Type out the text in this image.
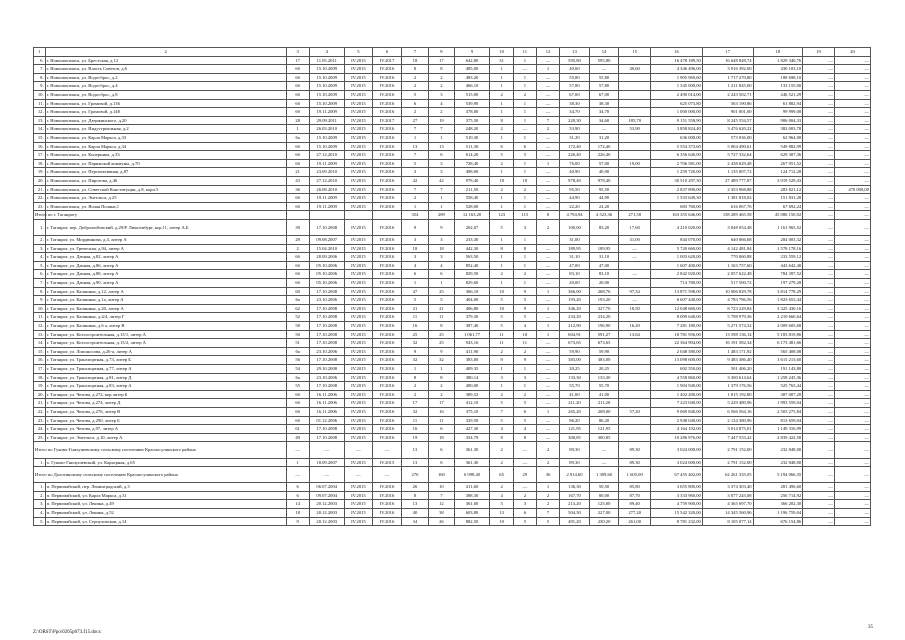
1	2	3	4	5	6	7	8	9	10	11	12	13	14	15	16	17	18	19	20
6.	г. Новошахтинск, ул. Брестская, д.12	17	11.05.2011	IV.2015	IV.2017	18	17	642,80	31	1	—	595,80	595,80		16 478 189,50	16 648 848,74	1 829 340,76	—	—
7.	г. Новошахтинск, ул. Власть Советов, д.6	6б	15.10.2009	IV.2015	IV.2016	8	8	485,00	1	—	1	40,60	—	40,60	4 346 496,00	3 916 392,00	430 103,10	—	—
8.	г. Новошахтинск, ул. Водосброс, д.2	6б	15.10.2009	IV.2015	IV.2016	2	2	483,20	1	1	—	55,80	55,80		1 905 969,60	1 717 270,80	188 698,10	—	—
9.	г. Новошахтинск, ул. Водосброс, д.4	6б	15.10.2009	IV.2015	IV.2016	2	2	466,10	1	1	—	57,80	57,80		1 345 000,00	1 211 845,00	133 155,00	—	—
10.	г. Новошахтинск, ул. Водосброс, д.8	6б	15.10.2009	IV.2015	IV.2016	5	3	515,00	2	2	—	67,00	67,00		2 490 014,00	2 243 502,71	246 521,29	—	—
11.	г. Новошахтинск, ул. Громовой, д.136	6б	15.10.2009	IV.2015	IV.2016	6	4	539,90	1	1	—	38,30	38,30		625 073,80	563 190,86	61 882,94	—	—
12.	г. Новошахтинск, ул. Громовой, д.148	6б	19.11.2009	IV.2015	IV.2016	2	2	378,00	1	1	—	34,70	34,70		1 000 000,00	901 001,00	99 999,00	—	—
13.	г. Новошахтинск, ул. Дзержинского, д.20	28	29.09.2011	IV.2015	IV.2017	27	19	375,50	8	1	7	220,30	34,60	185,70	9 151 558,90	8 245 554,57	906 004,33	—	—
14.	г. Новошахтинск, ул. Индустриальная, д.2	1	26.03.2010	IV.2015	IV.2016	7	7	248,20	2	—	2	53,90	—	53,90	3 858 824,40	3 476 620,22	382 003,78	—	—
15.	г. Новошахтинск, ул. Карла Маркса, д.33	6а	15.10.2009	IV.2015	IV.2016	1	1	510,30	1	1	—	31,20	31,20		636 000,00	573 036,00	62 964,00	—	—
16.	г. Новошахтинск, ул. Карла Маркса, д.34	6б	15.10.2009	IV.2015	IV.2016	13	13	511,30	6	6	—	172,40	172,40		5 554 373,60	5 004 490,61	549 882,99	—	—
17.	г. Новошахтинск, ул. Коперника, д.33	6б	27.12.2010	IV.2015	IV.2016	7	6	614,20	5	5	—	226,40	226,40		6 356 640,00	5 727 332,64	629 307,36	—	—
18.	г. Новошахтинск, ул. Парижской коммуны, д.70	6б	19.11.2009	IV.2015	IV.2016	5	3	728,40	2	1	1	76,00	57,00	19,00	2 706 581,00	2 438 629,48	267 951,52	—	—
19.	г. Новошахтинск, ул. Перспективная, д.87	21	23.09.2010	IV.2015	IV.2016	3	3	498,00	1	1	—	40,90	40,90		1 259 720,00	1 135 007,72	124 712,28	—	—
20.	г. Новошахтинск, ул. Пирогова, д.46	43	27.12.2010	IV.2015	IV.2016	42	42	978,40	18	18	—	978,40	978,40		30 510 297,30	27 489 777,87	3 019 529,43	—	—
21.	г. Новошахтинск, ул. Советской Конституции, д.8, корп.5	36	26.08.2010	IV.2015	IV.2016	7	7	211,50	2	2	—	95,50	95,50		2 837 890,00	2 353 968,88	283 821,12	—	470 000,00
22.	г. Новошахтинск, ул. Энгельса, д.25	6б	19.11.2009	IV.2015	IV.2016	2	1	558,40	1	1	—	44,90	44,90		1 533 649,30	1 381 818,02	151 831,28	—	—
23.	г. Новошахтинск, ул. Ясная Поляна,1	6б	19.11.2009	IV.2015	IV.2016	1	1	528,00	1	1	—	22,20	22,20		683 760,00	616 067,76	67 692,24	—	—
Итого по г. Таганрогу						354	289	12 163,20	123	115	8	4 794,94	4 523,36	271,58	163 355 646,00	158 289 465,58	45 086 150,02	—	—
1.	г. Таганрог, пер. Добролюбовский, д.29/Р. Люксембург, кор.11, литер А,Б	39	17.10.2008	IV.2015	IV.2016	9	9	202,07	5	3	2	100,00	83,20	17,60	4 210 020,00	3 048 054,48	1 161 965,52	—	—
2.	г. Таганрог, ул. Мордвинова, д.4, литер А	29	09.08.2007	IV.2015	IV.2016	3	3	233,30	1	1		31,00		31,00	844 070,00	640 066,68	204 003,32	—	—
3.	г. Таганрог, ул. Греческая, д.94, литер А	2	15.04.2010	IV.2015	IV.2016	18	18	442,30	8	8	—	189,95	189,95	—	5 720 660,00	4 142 481,84	1 578 178,16	—	—
4.	г. Таганрог, ул. Дачная, д.82, литер А	6б	28.09.2006	IV.2015	IV.2016	3	3	563,50	1	1	—	31,10	31,10	—	1 003 620,00	770 060,88	233 559,12	—	—
5.	г. Таганрог, ул. Дачная, д.86, литер А	6б	05.10.2006	IV.2015	IV.2016	4	4	852,40	1	1	—	47,00	47,00		1 607 400,00	1 163 757,60	443 642,40	—	—
6.	г. Таганрог, ул. Дачная, д.88, литер А	6б	05.10.2006	IV.2015	IV.2016	6	6	829,50	2	2	—	83,10	83,10	—	2 842 020,00	2 057 622,48	784 397,52	—	—
7.	г. Таганрог, ул. Дачная, д.90, литер А	6б	05.10.2006	IV.2015	IV.2016	1	1	829,60	1	1	—	20,00	20,00		714 780,00	517 500,72	197 279,28	—	—
8.	г. Таганрог, ул. Калинина, д.12, литер А	60	17.10.2008	IV.2015	IV.2016	47	25	366,10	10	9	1	366,00	268,76	97,34	13 871 598,00	10 006 829,78	3 814 778,29	—	—
9.	г. Таганрог, ул. Калинина, д.1а, литер А	6а	23.10.2006	IV.2015	IV.2016	5	5	404,00	5	5	—	193,20	193,20	—	6 607 440,00	4 783 786,56	1 823 653,44	—	—
10.	г. Таганрог, ул. Калинина, д.20, литер А	62	17.10.2008	IV.2015	IV.2016	21	21	406,80	10	9	1	346,20	327,70	18,50	12 048 660,00	8 723 229,84	3 325 430,16	—	—
11.	г. Таганрог, ул. Калинина, д.4/4, литер Г	52	17.10.2008	IV.2015	IV.2016	11	11	379,30	5	5	—	234,20	234,20		8 009 640,00	5 798 979,36	2 210 660,64	—	—
12.	г. Таганрог, ул. Калинина, д.6 а, литер В	58	17.10.2008	IV.2015	IV.2016	16	8	387,40	5	4	1	212,90	196,90	16,20	7 281 180,00	5 271 574,32	2 009 605,68	—	—
13.	г. Таганрог, ул. Котлостроительная, д.15/1, литер А	50	17.10.2008	IV.2015	IV.2016	25	25	1 061,77	11	10	1	604,91	591,27	13,64	18 781 956,00	13 598 136,14	5 183 819,86	—	—
14.	г. Таганрог, ул. Котлостроительная, д.15/2, литер А	51	17.10.2008	IV.2015	IV.2016	32	25	943,16	11	11	—	673,65	673,65		22 364 904,00	16 191 582,34	6 173 481,66	—	—
15.	г. Таганрог, ул. Ломоносова, д.26-а, литер А	6а	23.10.2006	IV.2015	IV.2016	9	9	411,90	2	2	—	59,90	59,90		2 048 580,00	1 483 171,92	565 408,08	—	—
16.	г. Таганрог, ул. Транспортная, д.73, литер Б	56	17.10.2008	IV.2015	IV.2016	32	32	383,00	9	9	—	383,00	383,00		13 098 600,00	9 483 386,40	3 615 213,60	—	—
17.	г. Таганрог, ул. Транспортная, д.77, литер А	54	29.10.2008	IV.2015	IV.2016	1	1	409,35	1	1	—	20,25	20,25		692 550,00	501 406,20	191 143,80	—	—
18.	г. Таганрог, ул. Транспортная, д.81, литер Д	6а	23.10.2006	IV.2015	IV.2016	8	8	380,14	3	3	—	133,30	133,30		4 558 860,00	3 300 614,64	1 258 245,36	—	—
19.	г. Таганрог, ул. Транспортная, д.83, литер А	55	17.10.2008	IV.2015	IV.2016	2	2	400,00	1	1	—	55,70	55,70		1 904 940,00	1 379 176,56	525 763,44	—	—
20.	г. Таганрог, ул. Чехова, д.272, кор.литер Б	6б	16.11.2006	IV.2015	IV.2016	2	2	389,52	2	2	—	41,00	41,00		1 402 200,00	1 015 192,80	387 007,20	—	—
21.	г. Таганрог, ул. Чехова, д.274, литер Д	6б	16.11.2006	IV.2015	IV.2016	17	17	412,10	5	5	—	211,20	211,20		7 223 040,00	5 229 480,96	1 993 559,04	—	—
22.	г. Таганрог, ул. Чехова, д.276, литер В	6б	16.11.2006	IV.2015	IV.2016	32	16	375,10	7	6	1	265,20	208,00	57,20	9 069 840,00	6 566 564,16	2 503 275,84	—	—
23.	г. Таганрог, ул. Чехова, д.290, литер Б	6б	01.12.2006	IV.2015	IV.2016	11	11	329,50	5	5	—	86,20	86,20		2 948 040,00	2 134 380,96	813 659,04	—	—
24.	г. Таганрог, ул. Чехова, д.97, литер А	61	17.10.2008	IV.2015	IV.2016	16	6	427,30	4	4	—	121,95	121,95		4 164 192,00	3 014 875,01	1 149 316,99	—	—
25.	г. Таганрог, ул. Энгельса, д.10, литер А	49	17.10.2008	IV.2015	IV.2016	19	18	354,79	8	8	—	300,85	300,85		10 286 976,00	7 447 553,42	2 839 422,58	—	—
Итого по Гуково-Гнилушевскому сельскому поселению Красносулинского района		—	—	—	—	13	6	361,30	2	—	2	89,30	—	89,30	3 024 000,00	2 791 152,00	232 848,00	—	—
1.	х. Гуково-Гнилушевский, ул. Карьерная, д.65	1	18.09.2007	IV.2015	IV.2015	13	6	361,30	2	—	2	89,30	—	89,30	3 024 000,00	2 791 152,00	232 848,00	—	—
Итого по Долотинскому сельскому поселению Красносулинского района		—	—	—	—	270	160	6 998,40	65	29	36	2 914,60	1 309,60	1 605,00	67 455 402,00	62 261 335,05	5 194 066,35	—	—
1.	п. Первомайский, пер. Ленинградский, д.3	6	06.07.2004	IV.2015	IV.2016	26	10	411,60	2	—	1	136,30	50,50	85,80	3 655 800,00	3 374 303,40	281 496,60	—	—
2.	п. Первомайский, ул. Карла Маркса, д.31	6	09.07.2004	IV.2015	IV.2016	8	7	388,30	4	2	2	167,70	80,00	87,70	3 333 960,00	3 077 245,08	256 714,92	—	—
3.	п. Первомайский, ул. Ленина, д.49	14	20.12.2003	IV.2015	IV.2016	13	12	361,00	5	3	2	213,20	125,00	89,40	4 759 900,00	4 365 697,70	366 202,30	—	—
4.	п. Первомайский, ул. Ленина, д.52	18	20.12.2003	IV.2015	IV.2016	40	38	603,80	13	6	7	504,30	227,00	277,20	15 542 320,00	14 345 560,96	1 196 759,04	—	—
5.	п. Первомайский, ул. Серпуховская, д.14	9	20.12.2003	IV.2015	IV.2016	34	26	882,50	10	5	5	491,20	230,20	261,00	8 781 232,00	8 105 077,14	676 154,86	—	—
Z:\ORST\Ppo\0205p073.f15.docx
35
